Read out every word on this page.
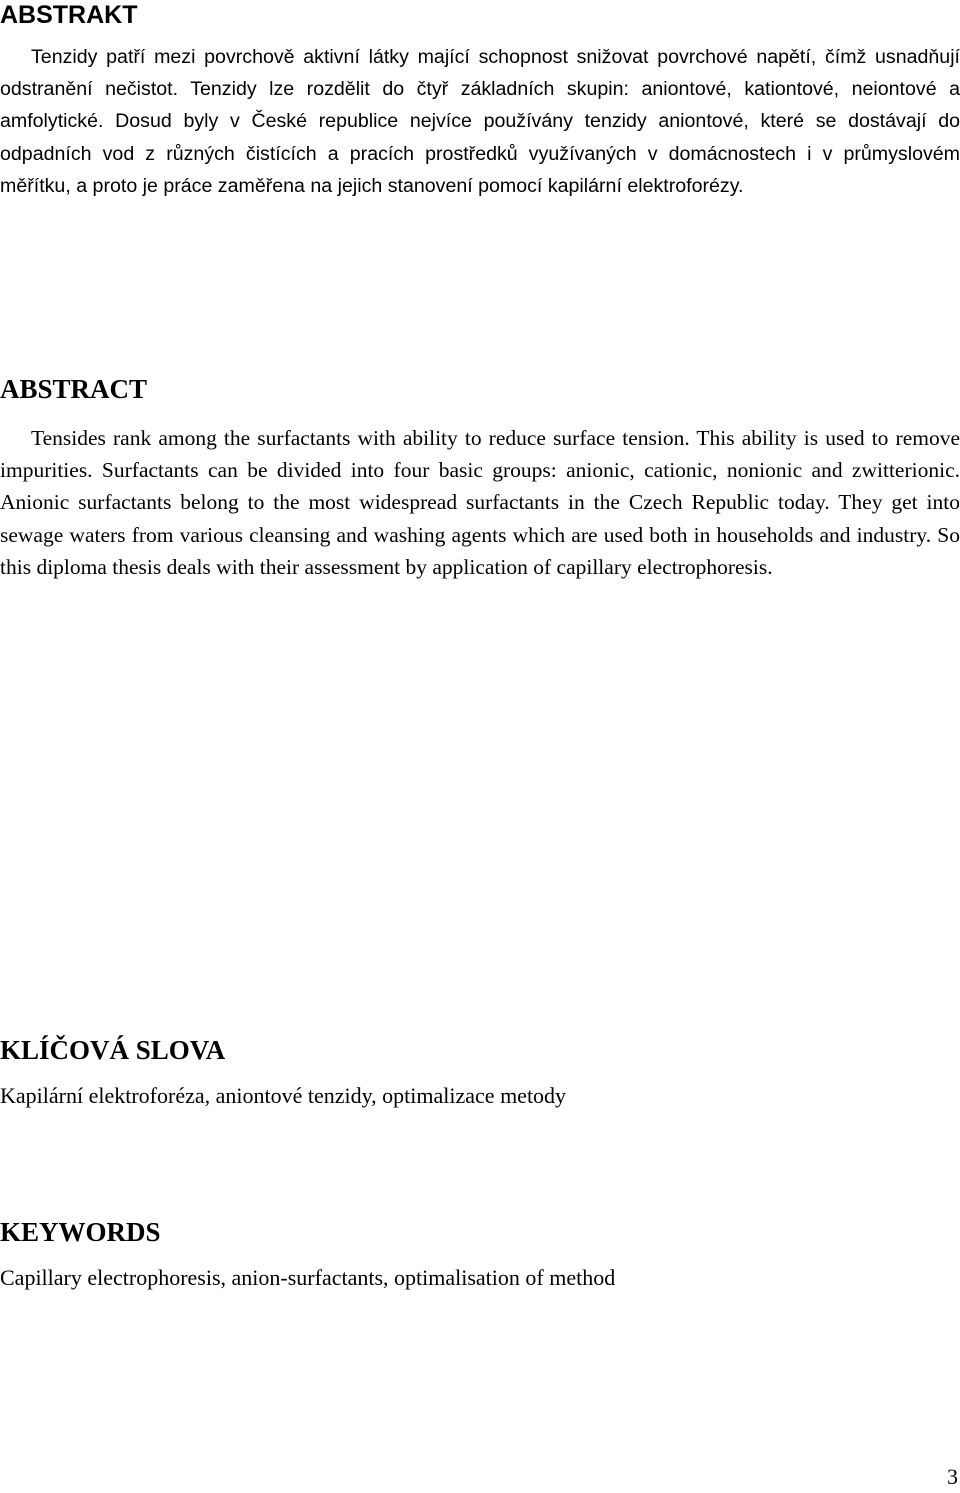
ABSTRAKT

Tenzidy patří mezi povrchově aktivní látky mající schopnost snižovat povrchové napětí, čímž usnadňují odstranění nečistot. Tenzidy lze rozdělit do čtyř základních skupin: aniontové, kationtové, neiontové a amfolytické. Dosud byly v České republice nejvíce používány tenzidy aniontové, které se dostávají do odpadních vod z různých čistících a pracích prostředků využívaných v domácnostech i v průmyslovém měřítku, a proto je práce zaměřena na jejich stanovení pomocí kapilární elektroforézy.

ABSTRACT

Tensides rank among the surfactants with ability to reduce surface tension. This ability is used to remove impurities. Surfactants can be divided into four basic groups: anionic, cationic, nonionic and zwitterionic. Anionic surfactants belong to the most widespread surfactants in the Czech Republic today. They get into sewage waters from various cleansing and washing agents which are used both in households and industry. So this diploma thesis deals with their assessment by application of capillary electrophoresis.

KLÍČOVÁ SLOVA

Kapilární elektroforéza, aniontové tenzidy, optimalizace metody

KEYWORDS

Capillary electrophoresis, anion-surfactants, optimalisation of method

3
